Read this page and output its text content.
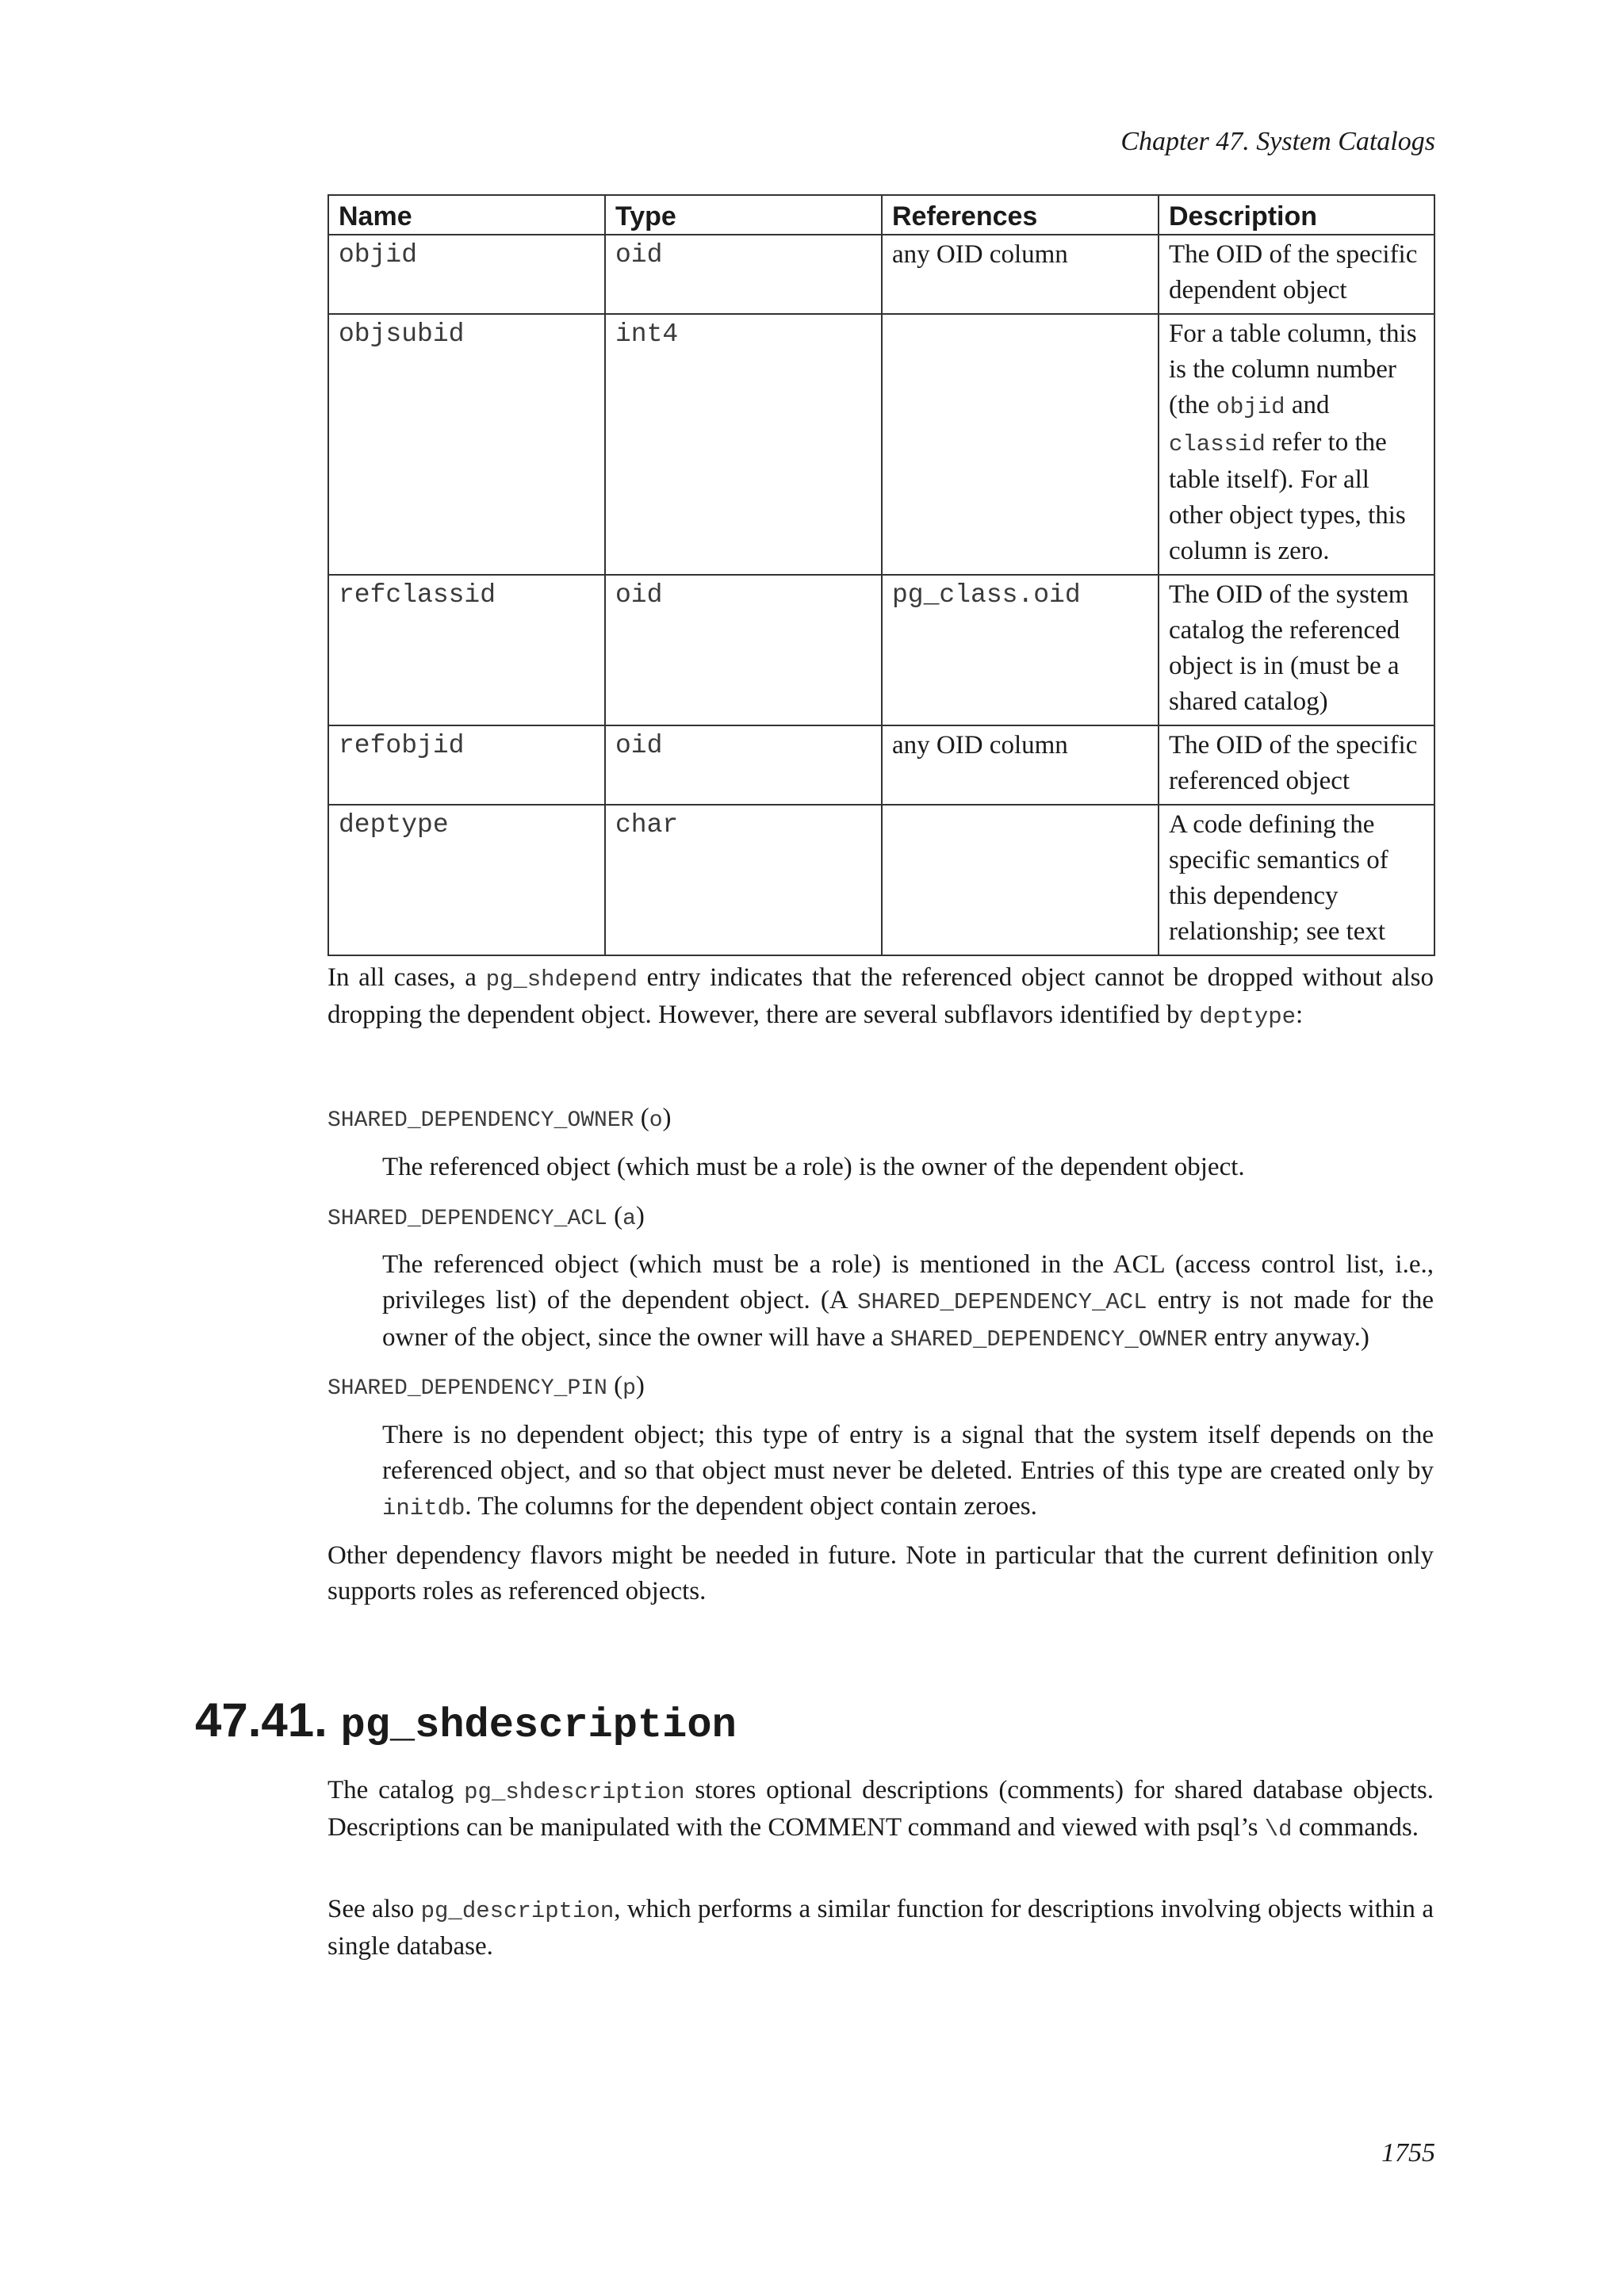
Chapter 47. System Catalogs
Name	Type	References	Description
objid	oid	any OID column	The OID of the specific dependent object
objsubid	int4		For a table column, this is the column number (the objid and classid refer to the table itself). For all other object types, this column is zero.
refclassid	oid	pg_class.oid	The OID of the system catalog the referenced object is in (must be a shared catalog)
refobjid	oid	any OID column	The OID of the specific referenced object
deptype	char		A code defining the specific semantics of this dependency relationship; see text

In all cases, a pg_shdepend entry indicates that the referenced object cannot be dropped without also dropping the dependent object. However, there are several subflavors identified by deptype:

SHARED_DEPENDENCY_OWNER (o)

The referenced object (which must be a role) is the owner of the dependent object.

SHARED_DEPENDENCY_ACL (a)

The referenced object (which must be a role) is mentioned in the ACL (access control list, i.e., privileges list) of the dependent object. (A SHARED_DEPENDENCY_ACL entry is not made for the owner of the object, since the owner will have a SHARED_DEPENDENCY_OWNER entry anyway.)

SHARED_DEPENDENCY_PIN (p)

There is no dependent object; this type of entry is a signal that the system itself depends on the referenced object, and so that object must never be deleted. Entries of this type are created only by initdb. The columns for the dependent object contain zeroes.

Other dependency flavors might be needed in future. Note in particular that the current definition only supports roles as referenced objects.

47.41. pg_shdescription

The catalog pg_shdescription stores optional descriptions (comments) for shared database objects. Descriptions can be manipulated with the COMMENT command and viewed with psql’s \d commands.

See also pg_description, which performs a similar function for descriptions involving objects within a single database.

1755
